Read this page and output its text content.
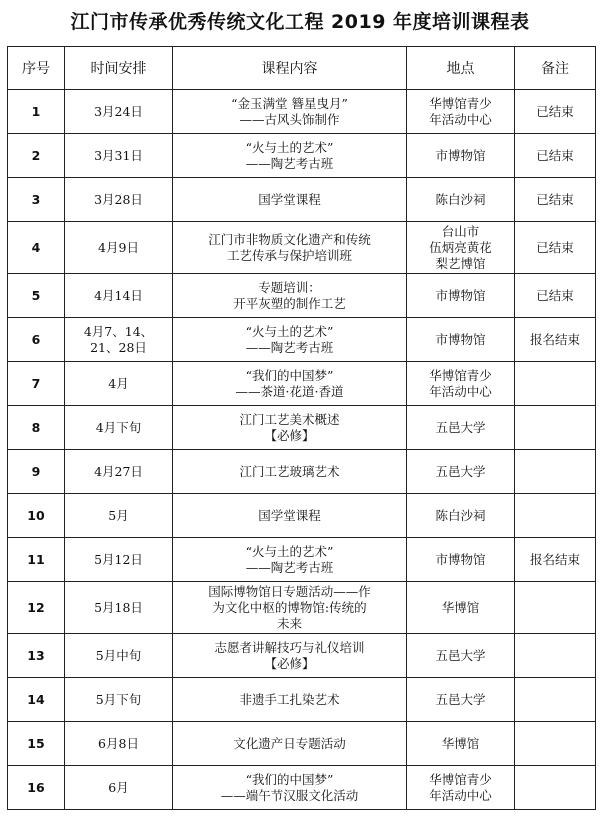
江门市传承优秀传统文化工程 2019 年度培训课程表
序号	时间安排	课程内容	地点	备注
1	3月24日	“金玉满堂 簪星曳月”
——古风头饰制作	华博馆青少
年活动中心	已结束
2	3月31日	“火与土的艺术”
——陶艺考古班	市博物馆	已结束
3	3月28日	国学堂课程	陈白沙祠	已结束
4	4月9日	江门市非物质文化遗产和传统
工艺传承与保护培训班	台山市
伍炳亮黄花
梨艺博馆	已结束
5	4月14日	专题培训：
开平灰塑的制作工艺	市博物馆	已结束
6	4月7、14、
21、28日	“火与土的艺术”
——陶艺考古班	市博物馆	报名结束
7	4月	“我们的中国梦”
——茶道·花道·香道	华博馆青少
年活动中心	

8	4月下旬	江门工艺美术概述
【必修】	五邑大学	

9	4月27日	江门工艺玻璃艺术	五邑大学	

10	5月	国学堂课程	陈白沙祠	

11	5月12日	“火与土的艺术”
——陶艺考古班	市博物馆	报名结束
12	5月18日	国际博物馆日专题活动——作
为文化中枢的博物馆:传统的
未来	华博馆	

13	5月中旬	志愿者讲解技巧与礼仪培训
【必修】	五邑大学	

14	5月下旬	非遗手工扎染艺术	五邑大学	

15	6月8日	文化遗产日专题活动	华博馆	

16	6月	“我们的中国梦”
——端午节汉服文化活动	华博馆青少
年活动中心	
